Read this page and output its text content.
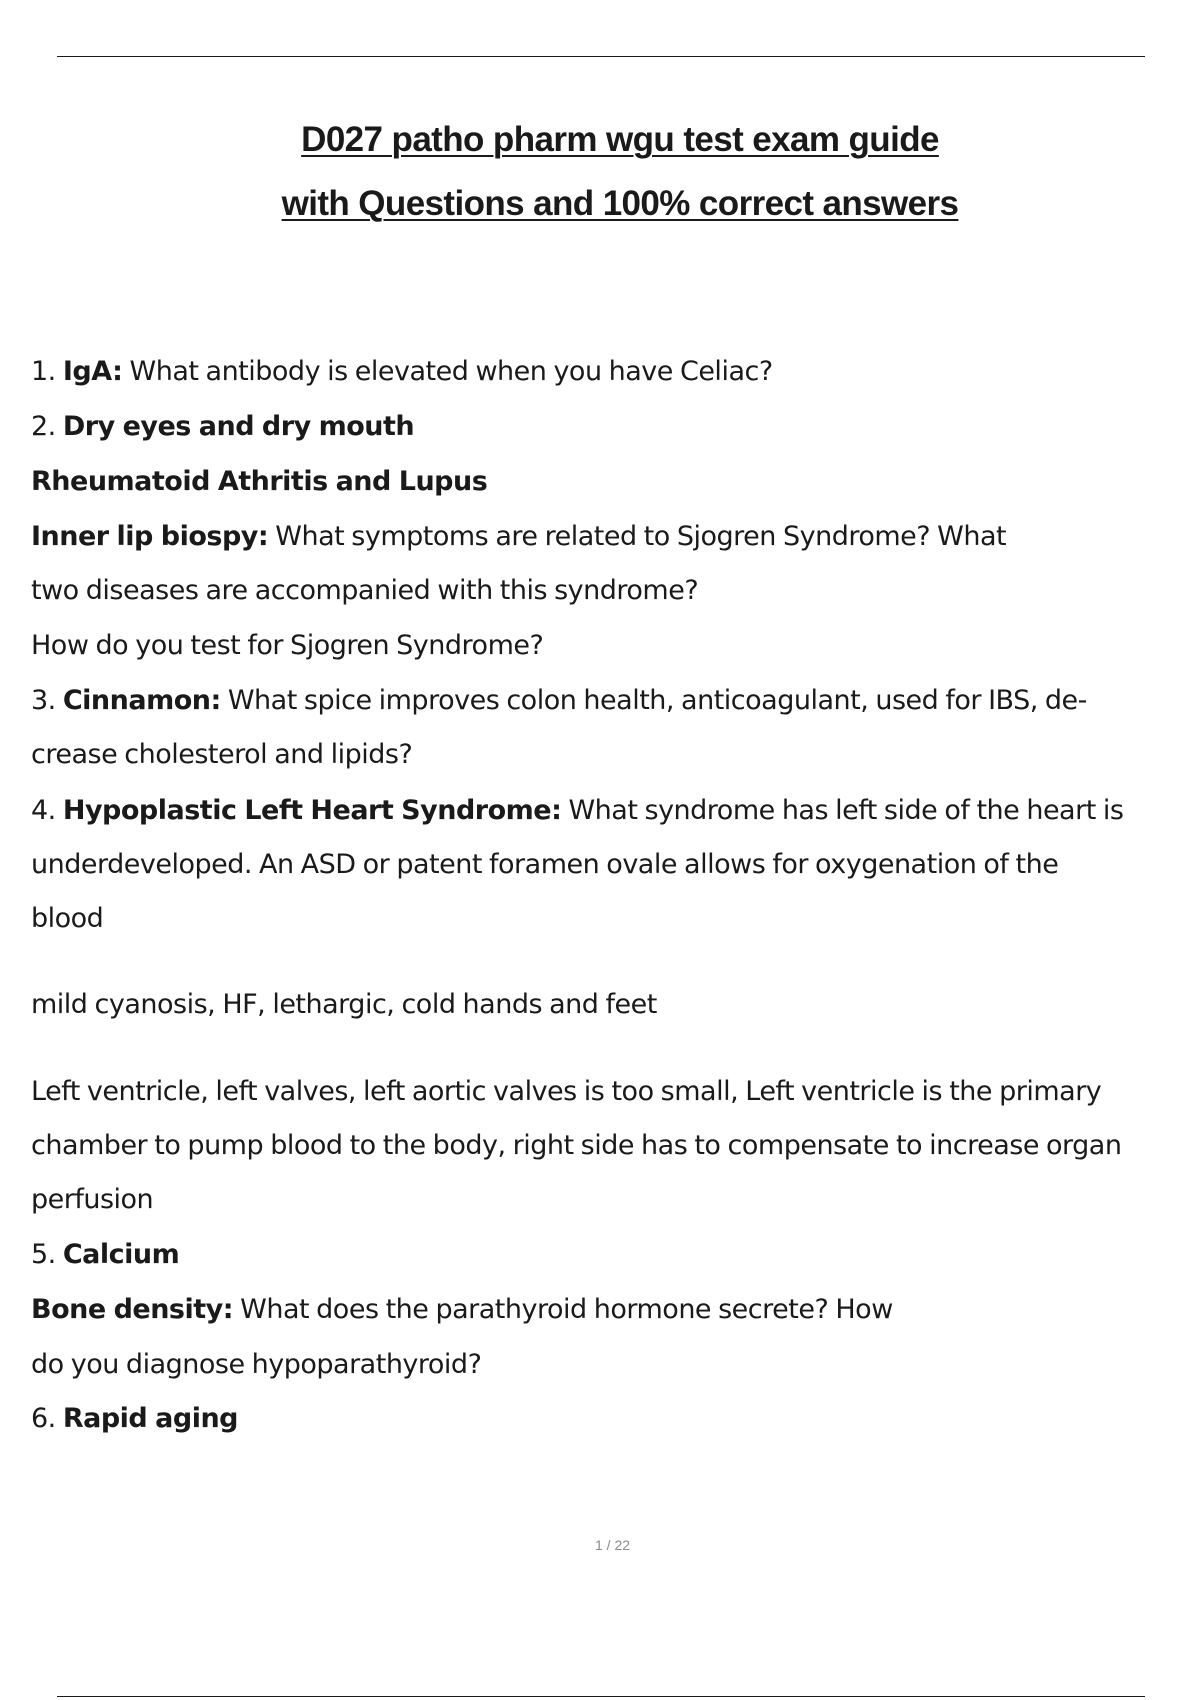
D027 patho pharm wgu test exam guide
with Questions and 100% correct answers
1. IgA: What antibody is elevated when you have Celiac?
2. Dry eyes and dry mouth
Rheumatoid Athritis and Lupus
Inner lip biospy: What symptoms are related to Sjogren Syndrome? What
two diseases are accompanied with this syndrome?
How do you test for Sjogren Syndrome?
3. Cinnamon: What spice improves colon health, anticoagulant, used for IBS, de-
crease cholesterol and lipids?
4. Hypoplastic Left Heart Syndrome: What syndrome has left side of the heart is
underdeveloped. An ASD or patent foramen ovale allows for oxygenation of the
blood
mild cyanosis, HF, lethargic, cold hands and feet
Left ventricle, left valves, left aortic valves is too small, Left ventricle is the primary
chamber to pump blood to the body, right side has to compensate to increase organ
perfusion
5. Calcium
Bone density: What does the parathyroid hormone secrete? How
do you diagnose hypoparathyroid?
6. Rapid aging
1 / 22
